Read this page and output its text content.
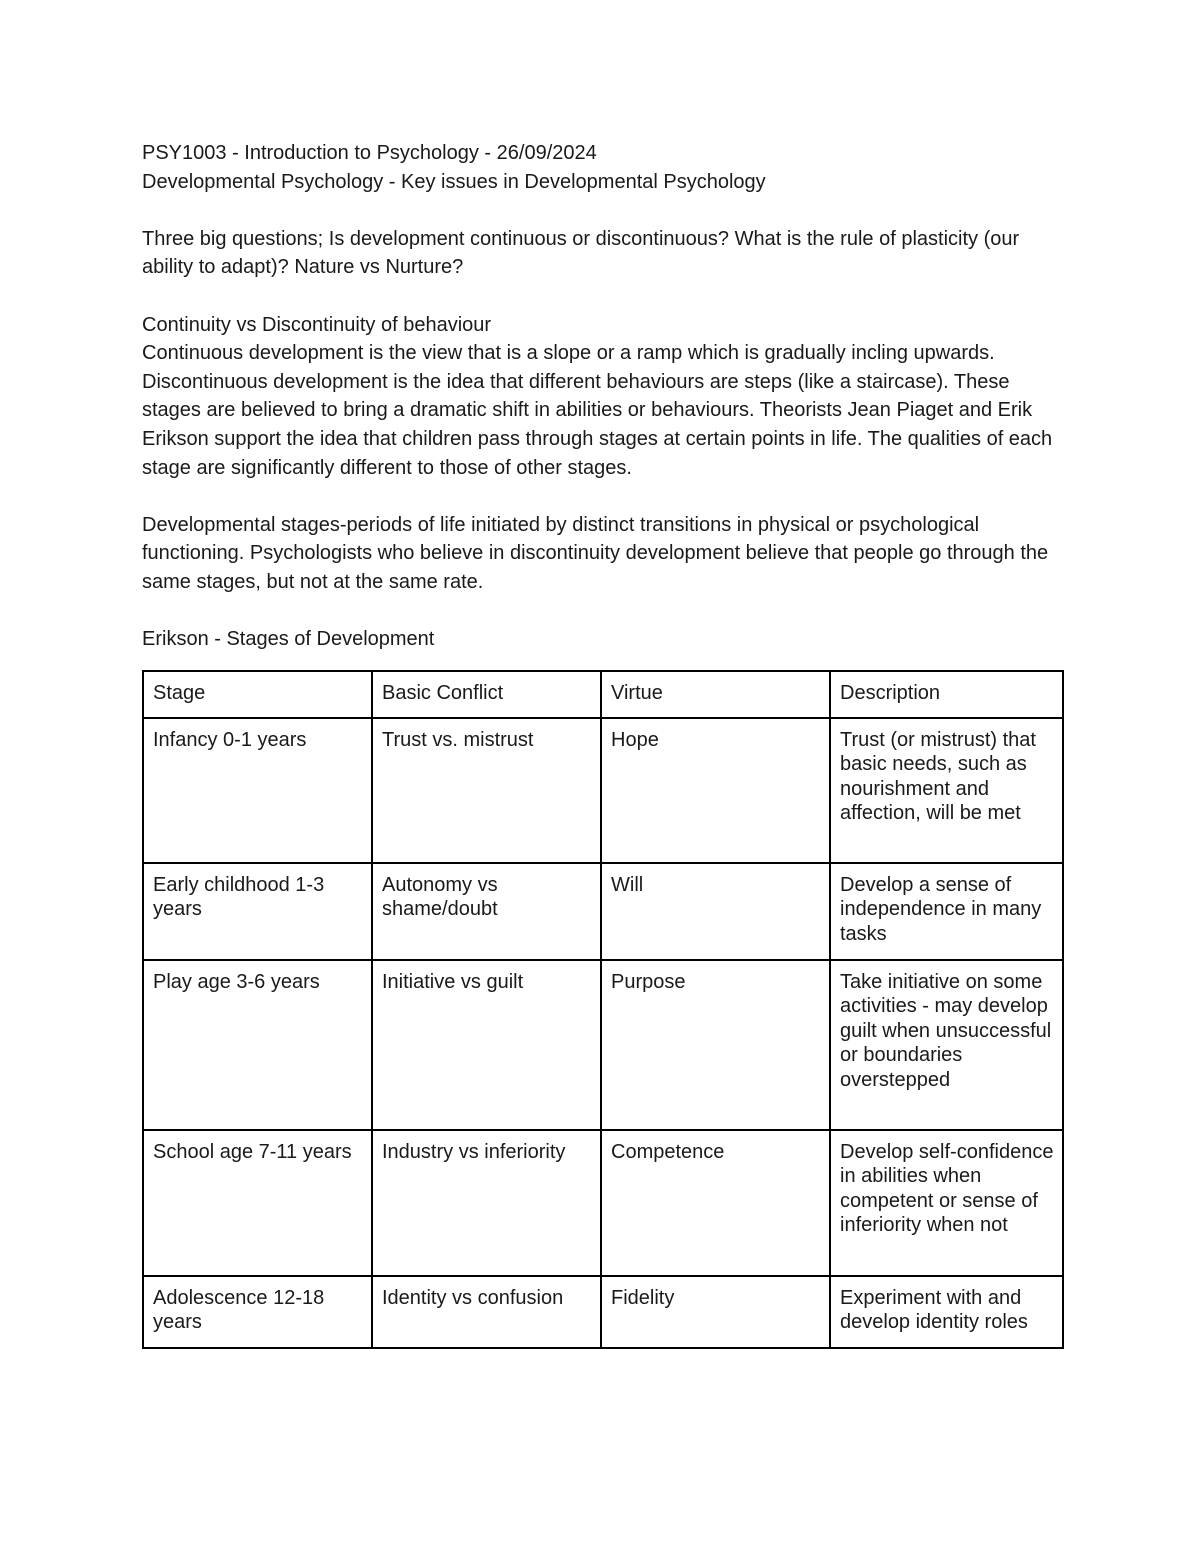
PSY1003 - Introduction to Psychology - 26/09/2024

Developmental Psychology - Key issues in Developmental Psychology

Three big questions; Is development continuous or discontinuous? What is the rule of plasticity (our ability to adapt)? Nature vs Nurture?

Continuity vs Discontinuity of behaviour

Continuous development is the view that is a slope or a ramp which is gradually incling upwards. Discontinuous development is the idea that different behaviours are steps (like a staircase). These stages are believed to bring a dramatic shift in abilities or behaviours. Theorists Jean Piaget and Erik Erikson support the idea that children pass through stages at certain points in life. The qualities of each stage are significantly different to those of other stages.

Developmental stages-periods of life initiated by distinct transitions in physical or psychological functioning. Psychologists who believe in discontinuity development believe that people go through the same stages, but not at the same rate.

Erikson - Stages of Development

Stage	Basic Conflict	Virtue	Description
Infancy 0-1 years	Trust vs. mistrust	Hope	Trust (or mistrust) that basic needs, such as nourishment and affection, will be met
Early childhood 1-3 years	Autonomy vs shame/doubt	Will	Develop a sense of independence in many tasks
Play age 3-6 years	Initiative vs guilt	Purpose	Take initiative on some activities - may develop guilt when unsuccessful or boundaries overstepped
School age 7-11 years	Industry vs inferiority	Competence	Develop self-confidence in abilities when competent or sense of inferiority when not
Adolescence 12-18 years	Identity vs confusion	Fidelity	Experiment with and develop identity roles
